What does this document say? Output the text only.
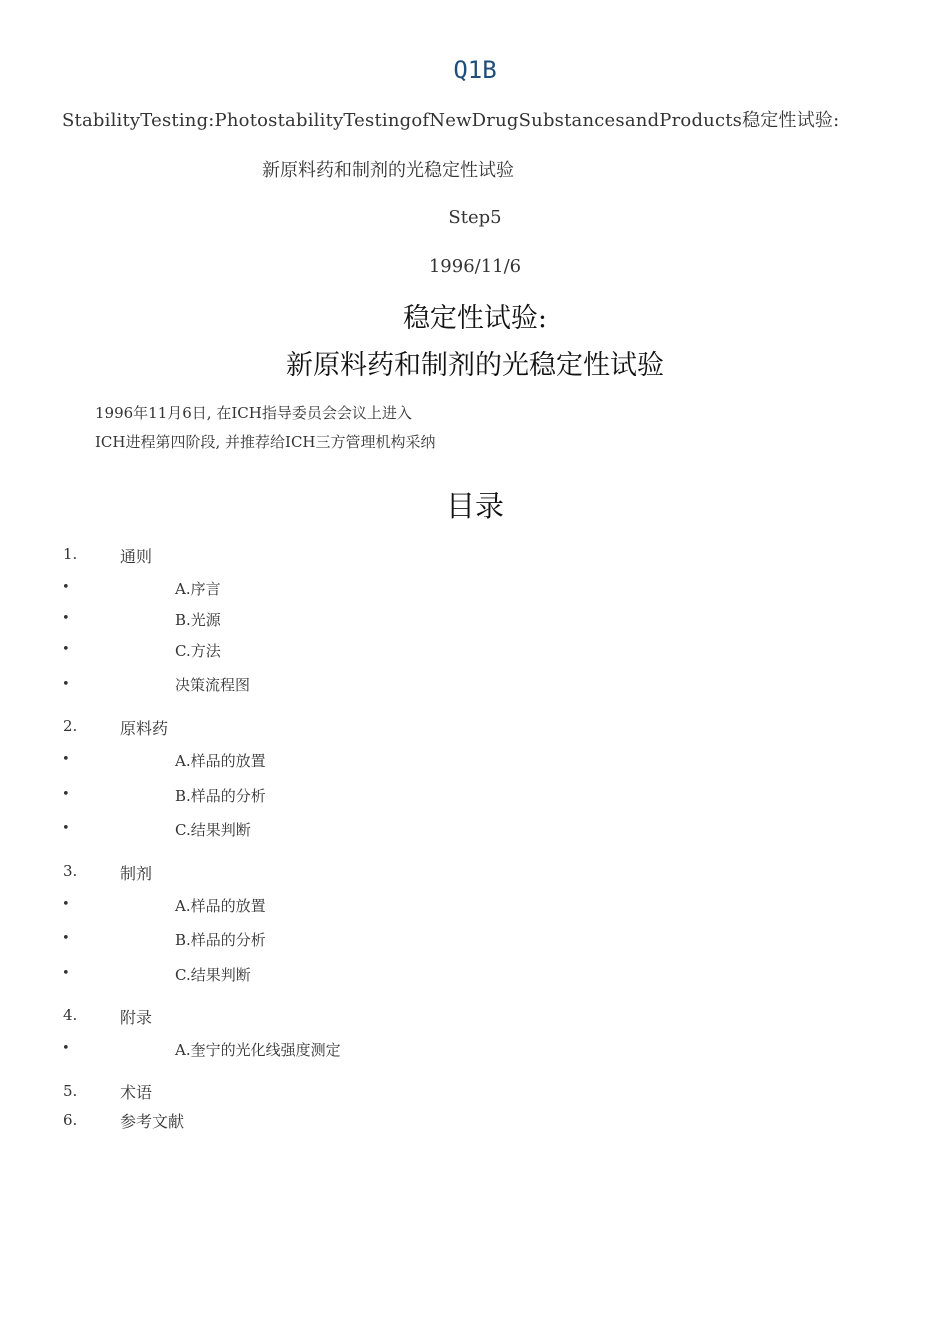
Q1B
StabilityTesting:PhotostabilityTestingofNewDrugSubstancesandProducts稳定性试验:
新原料药和制剂的光稳定性试验
Step5
1996/11/6
稳定性试验:
新原料药和制剂的光稳定性试验
1996年11月6日, 在ICH指导委员会会议上进入
ICH进程第四阶段, 并推荐给ICH三方管理机构采纳
目录
1.	通则
•	A.序言
•	B.光源
•	C.方法
•	决策流程图
2.	原料药
•	A.样品的放置
•	B.样品的分析
•	C.结果判断
3.	制剂
•	A.样品的放置
•	B.样品的分析
•	C.结果判断
4.	附录
•	A.奎宁的光化线强度测定
5.	术语
6.	参考文献
